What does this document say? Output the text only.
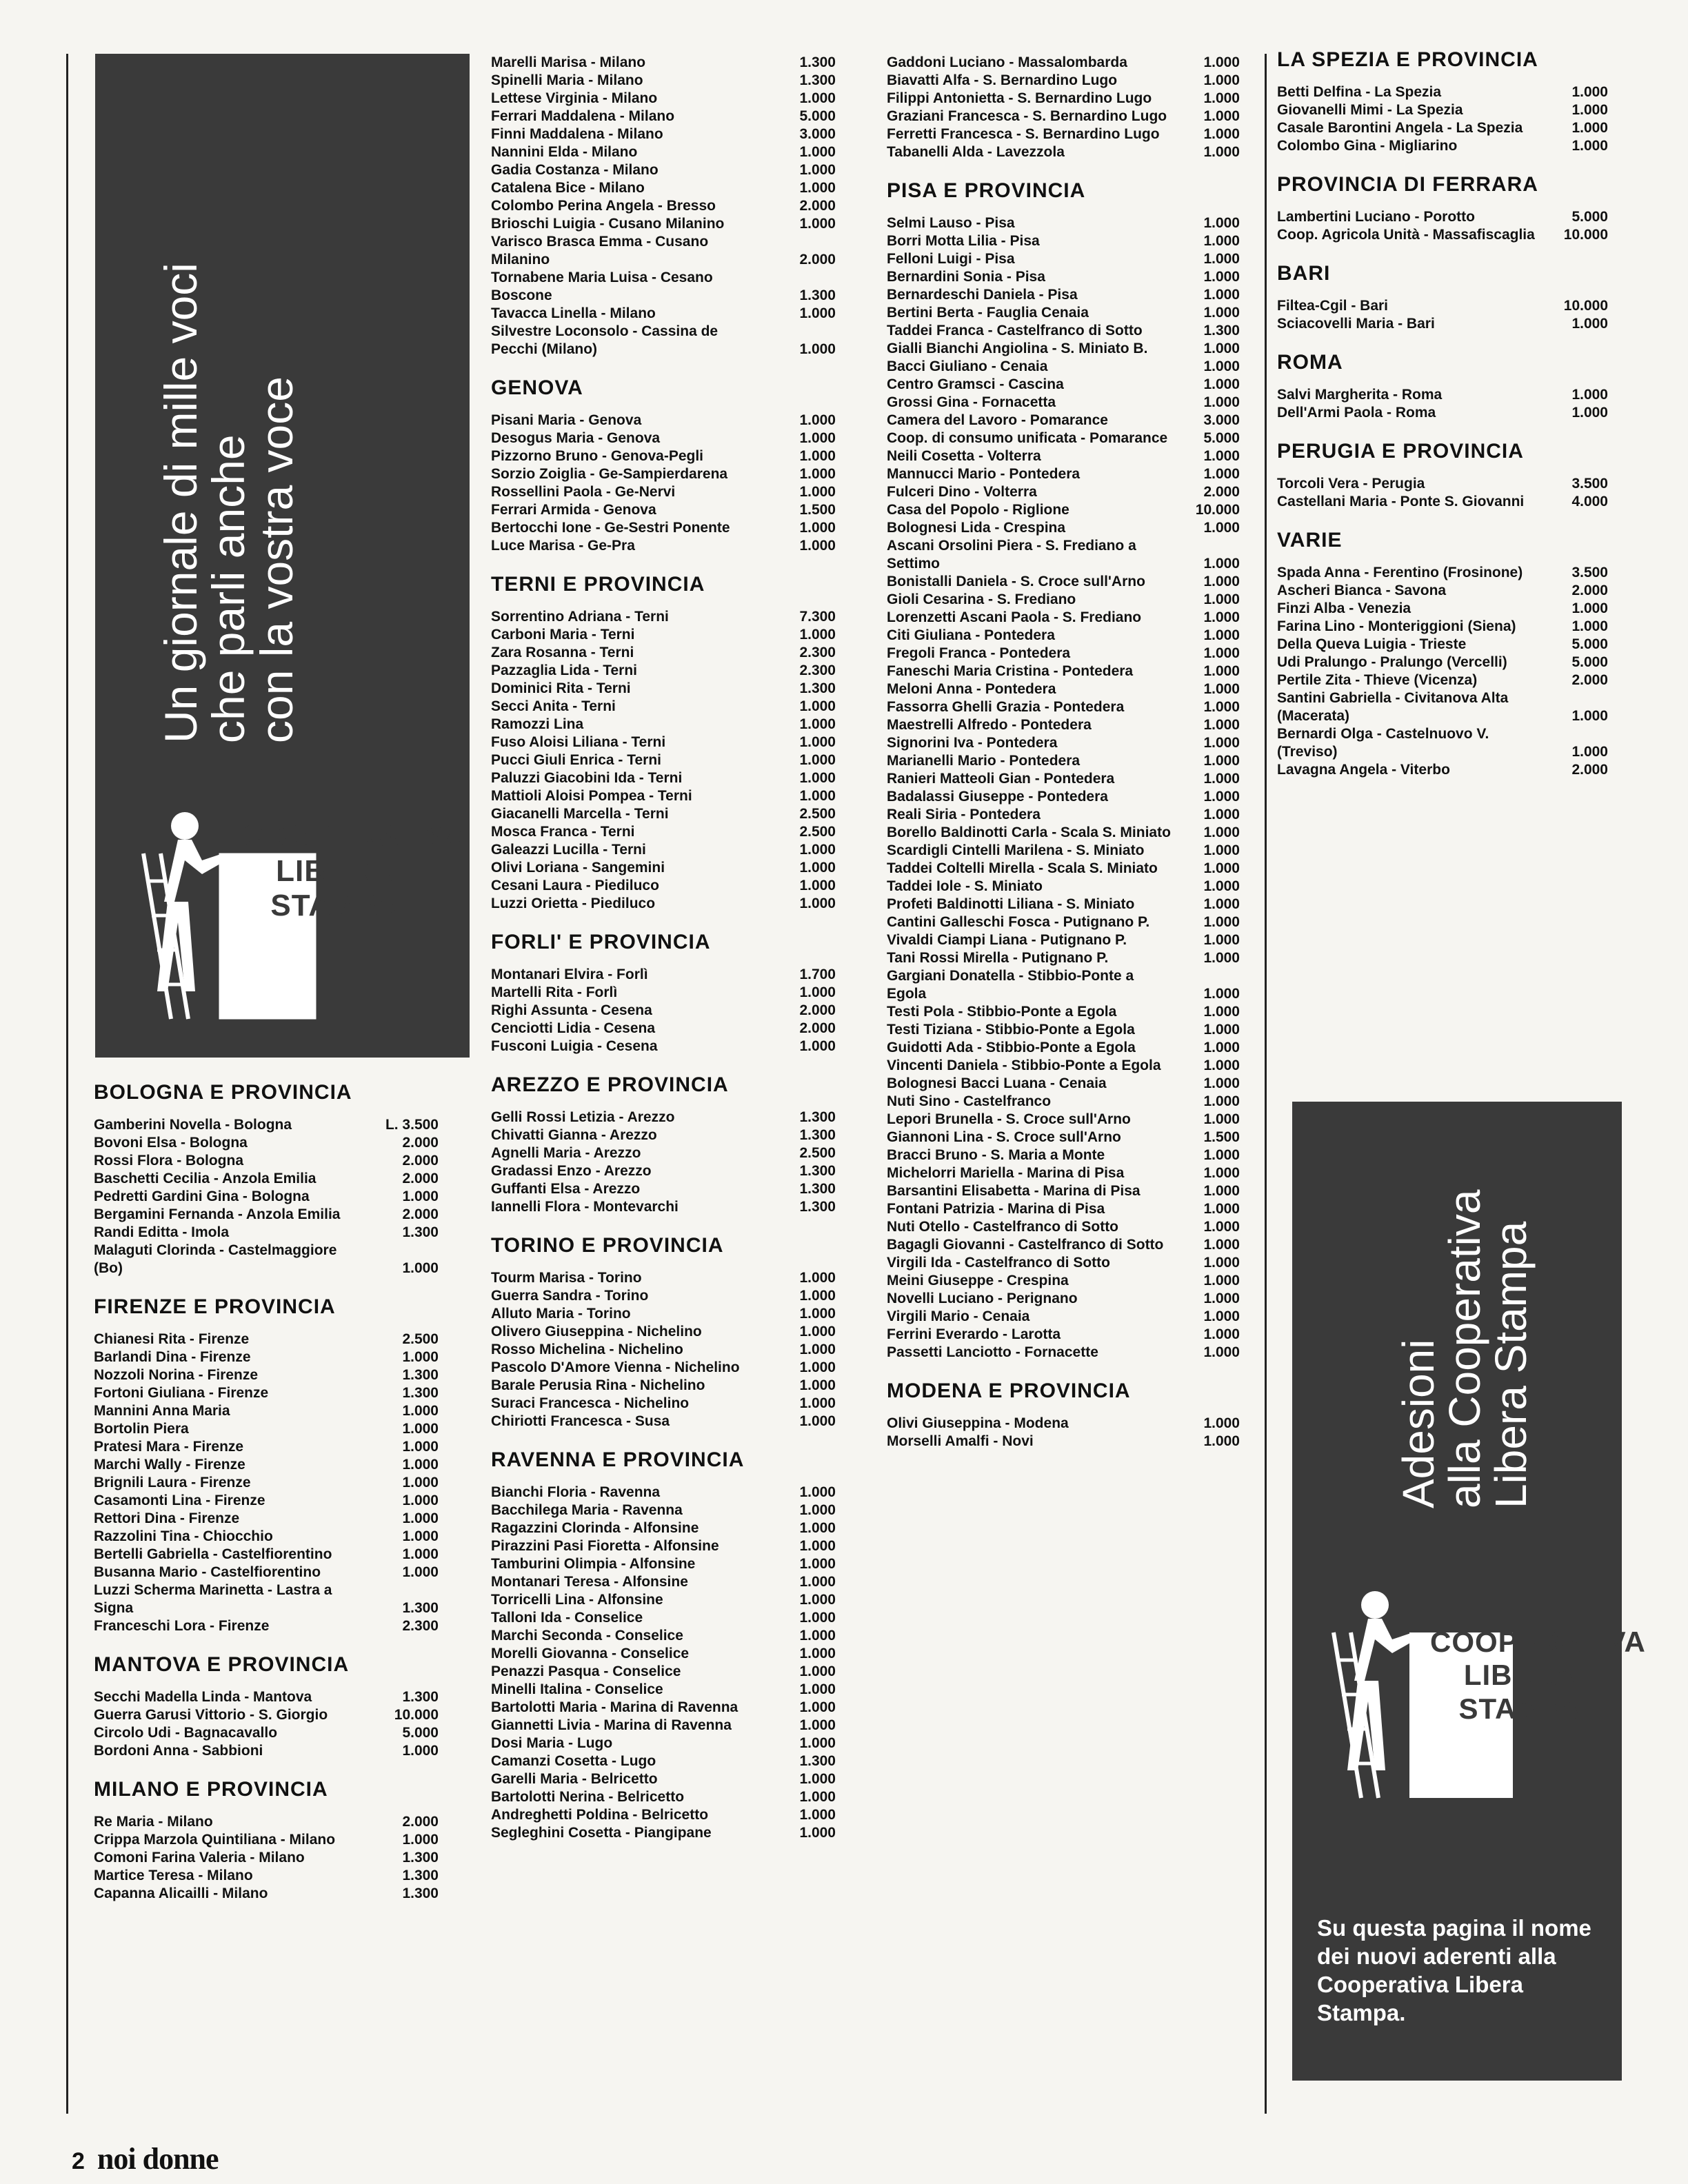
Un giornale di mille voci
che parli anche
con la vostra voce
COOPERATIVA
LIBERA
STAMPA
Adesioni
alla Cooperativa
Libera Stampa
COOPERATIVA
LIBERA
STAMPA
Su questa pagina il nome dei nuovi aderenti alla Cooperativa Libera Stampa.
BOLOGNA E PROVINCIA
Gamberini Novella - Bologna	L. 3.500
Bovoni Elsa - Bologna	2.000
Rossi Flora - Bologna	2.000
Baschetti Cecilia - Anzola Emilia	2.000
Pedretti Gardini Gina - Bologna	1.000
Bergamini Fernanda - Anzola Emilia	2.000
Randi Editta - Imola	1.300
Malaguti Clorinda - Castelmaggiore (Bo)	1.000
FIRENZE E PROVINCIA
Chianesi Rita - Firenze	2.500
Barlandi Dina - Firenze	1.000
Nozzoli Norina - Firenze	1.300
Fortoni Giuliana - Firenze	1.300
Mannini Anna Maria	1.000
Bortolin Piera	1.000
Pratesi Mara - Firenze	1.000
Marchi Wally - Firenze	1.000
Brignili Laura - Firenze	1.000
Casamonti Lina - Firenze	1.000
Rettori Dina - Firenze	1.000
Razzolini Tina - Chiocchio	1.000
Bertelli Gabriella - Castelfiorentino	1.000
Busanna Mario - Castelfiorentino	1.000
Luzzi Scherma Marinetta - Lastra a Signa	1.300
Franceschi Lora - Firenze	2.300
MANTOVA E PROVINCIA
Secchi Madella Linda - Mantova	1.300
Guerra Garusi Vittorio - S. Giorgio	10.000
Circolo Udi - Bagnacavallo	5.000
Bordoni Anna - Sabbioni	1.000
MILANO E PROVINCIA
Re Maria - Milano	2.000
Crippa Marzola Quintiliana - Milano	1.000
Comoni Farina Valeria - Milano	1.300
Martice Teresa - Milano	1.300
Capanna Alicailli - Milano	1.300
Marelli Marisa - Milano	1.300
Spinelli Maria - Milano	1.300
Lettese Virginia - Milano	1.000
Ferrari Maddalena - Milano	5.000
Finni Maddalena - Milano	3.000
Nannini Elda - Milano	1.000
Gadia Costanza - Milano	1.000
Catalena Bice - Milano	1.000
Colombo Perina Angela - Bresso	2.000
Brioschi Luigia - Cusano Milanino	1.000
Varisco Brasca Emma - Cusano Milanino	2.000
Tornabene Maria Luisa - Cesano Boscone	1.300
Tavacca Linella - Milano	1.000
Silvestre Loconsolo - Cassina de Pecchi (Milano)	1.000
GENOVA
Pisani Maria - Genova	1.000
Desogus Maria - Genova	1.000
Pizzorno Bruno - Genova-Pegli	1.000
Sorzio Zoiglia - Ge-Sampierdarena	1.000
Rossellini Paola - Ge-Nervi	1.000
Ferrari Armida - Genova	1.500
Bertocchi Ione - Ge-Sestri Ponente	1.000
Luce Marisa - Ge-Pra	1.000
TERNI E PROVINCIA
Sorrentino Adriana - Terni	7.300
Carboni Maria - Terni	1.000
Zara Rosanna - Terni	2.300
Pazzaglia Lida - Terni	2.300
Dominici Rita - Terni	1.300
Secci Anita - Terni	1.000
Ramozzi Lina	1.000
Fuso Aloisi Liliana - Terni	1.000
Pucci Giuli Enrica - Terni	1.000
Paluzzi Giacobini Ida - Terni	1.000
Mattioli Aloisi Pompea - Terni	1.000
Giacanelli Marcella - Terni	2.500
Mosca Franca - Terni	2.500
Galeazzi Lucilla - Terni	1.000
Olivi Loriana - Sangemini	1.000
Cesani Laura - Piediluco	1.000
Luzzi Orietta - Piediluco	1.000
FORLI' E PROVINCIA
Montanari Elvira - Forlì	1.700
Martelli Rita - Forlì	1.000
Righi Assunta - Cesena	2.000
Cenciotti Lidia - Cesena	2.000
Fusconi Luigia - Cesena	1.000
AREZZO E PROVINCIA
Gelli Rossi Letizia - Arezzo	1.300
Chivatti Gianna - Arezzo	1.300
Agnelli Maria - Arezzo	2.500
Gradassi Enzo - Arezzo	1.300
Guffanti Elsa - Arezzo	1.300
Iannelli Flora - Montevarchi	1.300
TORINO E PROVINCIA
Tourm Marisa - Torino	1.000
Guerra Sandra - Torino	1.000
Alluto Maria - Torino	1.000
Olivero Giuseppina - Nichelino	1.000
Rosso Michelina - Nichelino	1.000
Pascolo D'Amore Vienna - Nichelino	1.000
Barale Perusia Rina - Nichelino	1.000
Suraci Francesca - Nichelino	1.000
Chiriotti Francesca - Susa	1.000
RAVENNA E PROVINCIA
Bianchi Floria - Ravenna	1.000
Bacchilega Maria - Ravenna	1.000
Ragazzini Clorinda - Alfonsine	1.000
Pirazzini Pasi Fioretta - Alfonsine	1.000
Tamburini Olimpia - Alfonsine	1.000
Montanari Teresa - Alfonsine	1.000
Torricelli Lina - Alfonsine	1.000
Talloni Ida - Conselice	1.000
Marchi Seconda - Conselice	1.000
Morelli Giovanna - Conselice	1.000
Penazzi Pasqua - Conselice	1.000
Minelli Italina - Conselice	1.000
Bartolotti Maria - Marina di Ravenna	1.000
Giannetti Livia - Marina di Ravenna	1.000
Dosi Maria - Lugo	1.000
Camanzi Cosetta - Lugo	1.300
Garelli Maria - Belricetto	1.000
Bartolotti Nerina - Belricetto	1.000
Andreghetti Poldina - Belricetto	1.000
Segleghini Cosetta - Piangipane	1.000
Gaddoni Luciano - Massalombarda	1.000
Biavatti Alfa - S. Bernardino Lugo	1.000
Filippi Antonietta - S. Bernardino Lugo	1.000
Graziani Francesca - S. Bernardino Lugo	1.000
Ferretti Francesca - S. Bernardino Lugo	1.000
Tabanelli Alda - Lavezzola	1.000
PISA E PROVINCIA
Selmi Lauso - Pisa	1.000
Borri Motta Lilia - Pisa	1.000
Felloni Luigi - Pisa	1.000
Bernardini Sonia - Pisa	1.000
Bernardeschi Daniela - Pisa	1.000
Bertini Berta - Fauglia Cenaia	1.000
Taddei Franca - Castelfranco di Sotto	1.300
Gialli Bianchi Angiolina - S. Miniato B.	1.000
Bacci Giuliano - Cenaia	1.000
Centro Gramsci - Cascina	1.000
Grossi Gina - Fornacetta	1.000
Camera del Lavoro - Pomarance	3.000
Coop. di consumo unificata - Pomarance	5.000
Neili Cosetta - Volterra	1.000
Mannucci Mario - Pontedera	1.000
Fulceri Dino - Volterra	2.000
Casa del Popolo - Riglione	10.000
Bolognesi Lida - Crespina	1.000
Ascani Orsolini Piera - S. Frediano a Settimo	1.000
Bonistalli Daniela - S. Croce sull'Arno	1.000
Gioli Cesarina - S. Frediano	1.000
Lorenzetti Ascani Paola - S. Frediano	1.000
Citi Giuliana - Pontedera	1.000
Fregoli Franca - Pontedera	1.000
Faneschi Maria Cristina - Pontedera	1.000
Meloni Anna - Pontedera	1.000
Fassorra Ghelli Grazia - Pontedera	1.000
Maestrelli Alfredo - Pontedera	1.000
Signorini Iva - Pontedera	1.000
Marianelli Mario - Pontedera	1.000
Ranieri Matteoli Gian - Pontedera	1.000
Badalassi Giuseppe - Pontedera	1.000
Reali Siria - Pontedera	1.000
Borello Baldinotti Carla - Scala S. Miniato	1.000
Scardigli Cintelli Marilena - S. Miniato	1.000
Taddei Coltelli Mirella - Scala S. Miniato	1.000
Taddei Iole - S. Miniato	1.000
Profeti Baldinotti Liliana - S. Miniato	1.000
Cantini Galleschi Fosca - Putignano P.	1.000
Vivaldi Ciampi Liana - Putignano P.	1.000
Tani Rossi Mirella - Putignano P.	1.000
Gargiani Donatella - Stibbio-Ponte a Egola	1.000
Testi Pola - Stibbio-Ponte a Egola	1.000
Testi Tiziana - Stibbio-Ponte a Egola	1.000
Guidotti Ada - Stibbio-Ponte a Egola	1.000
Vincenti Daniela - Stibbio-Ponte a Egola	1.000
Bolognesi Bacci Luana - Cenaia	1.000
Nuti Sino - Castelfranco	1.000
Lepori Brunella - S. Croce sull'Arno	1.000
Giannoni Lina - S. Croce sull'Arno	1.500
Bracci Bruno - S. Maria a Monte	1.000
Michelorri Mariella - Marina di Pisa	1.000
Barsantini Elisabetta - Marina di Pisa	1.000
Fontani Patrizia - Marina di Pisa	1.000
Nuti Otello - Castelfranco di Sotto	1.000
Bagagli Giovanni - Castelfranco di Sotto	1.000
Virgili Ida - Castelfranco di Sotto	1.000
Meini Giuseppe - Crespina	1.000
Novelli Luciano - Perignano	1.000
Virgili Mario - Cenaia	1.000
Ferrini Everardo - Larotta	1.000
Passetti Lanciotto - Fornacette	1.000
MODENA E PROVINCIA
Olivi Giuseppina - Modena	1.000
Morselli Amalfi - Novi	1.000
LA SPEZIA E PROVINCIA
Betti Delfina - La Spezia	1.000
Giovanelli Mimi - La Spezia	1.000
Casale Barontini Angela - La Spezia	1.000
Colombo Gina - Migliarino	1.000
PROVINCIA DI FERRARA
Lambertini Luciano - Porotto	5.000
Coop. Agricola Unità - Massafiscaglia	10.000
BARI
Filtea-Cgil - Bari	10.000
Sciacovelli Maria - Bari	1.000
ROMA
Salvi Margherita - Roma	1.000
Dell'Armi Paola - Roma	1.000
PERUGIA E PROVINCIA
Torcoli Vera - Perugia	3.500
Castellani Maria - Ponte S. Giovanni	4.000
VARIE
Spada Anna - Ferentino (Frosinone)	3.500
Ascheri Bianca - Savona	2.000
Finzi Alba - Venezia	1.000
Farina Lino - Monteriggioni (Siena)	1.000
Della Queva Luigia - Trieste	5.000
Udi Pralungo - Pralungo (Vercelli)	5.000
Pertile Zita - Thieve (Vicenza)	2.000
Santini Gabriella - Civitanova Alta (Macerata)	1.000
Bernardi Olga - Castelnuovo V. (Treviso)	1.000
Lavagna Angela - Viterbo	2.000
2 noi donne
